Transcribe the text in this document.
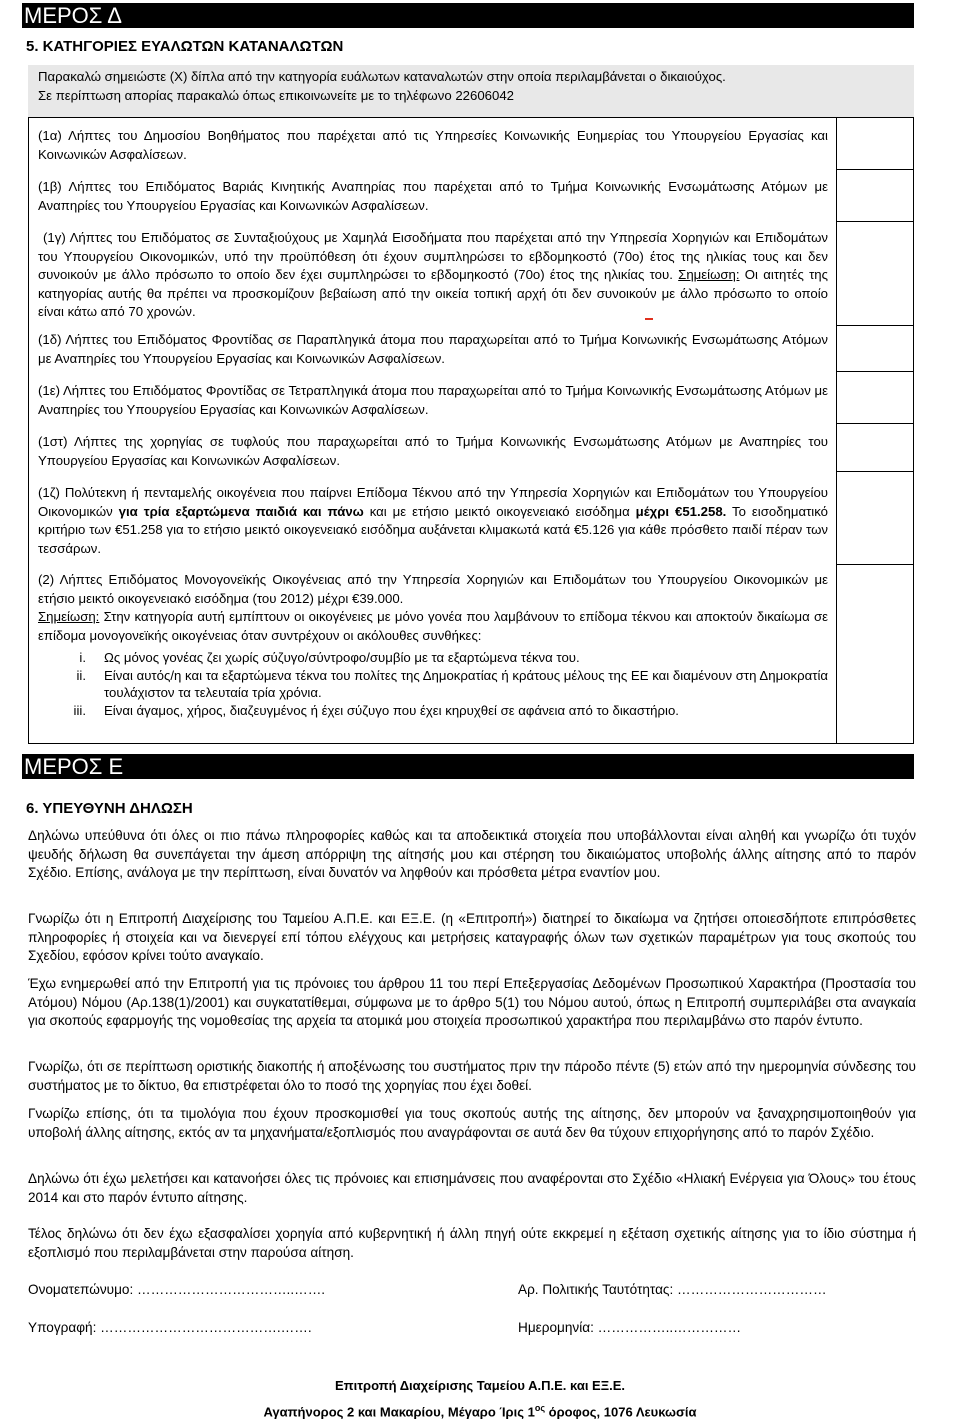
ΜΕΡΟΣ Δ
5. ΚΑΤΗΓΟΡΙΕΣ ΕΥΑΛΩΤΩΝ ΚΑΤΑΝΑΛΩΤΩΝ
Παρακαλώ σημειώστε (Χ) δίπλα από την κατηγορία ευάλωτων καταναλωτών στην οποία περιλαμβάνεται ο δικαιούχος.
Σε περίπτωση απορίας παρακαλώ όπως επικοινωνείτε με το τηλέφωνο 22606042
(1α) Λήπτες του Δημοσίου Βοηθήματος που παρέχεται από τις Υπηρεσίες Κοινωνικής Ευημερίας του Υπουργείου Εργασίας και Κοινωνικών Ασφαλίσεων.
(1β) Λήπτες του Επιδόματος Βαριάς Κινητικής Αναπηρίας που παρέχεται από το Τμήμα Κοινωνικής Ενσωμάτωσης Ατόμων με Αναπηρίες του Υπουργείου Εργασίας και Κοινωνικών Ασφαλίσεων.
(1γ) Λήπτες του Επιδόματος σε Συνταξιούχους με Χαμηλά Εισοδήματα που παρέχεται από την Υπηρεσία Χορηγιών και Επιδομάτων του Υπουργείου Οικονομικών, υπό την προϋπόθεση ότι έχουν συμπληρώσει το εβδομηκοστό (70ο) έτος της ηλικίας τους και δεν συνοικούν με άλλο πρόσωπο το οποίο δεν έχει συμπληρώσει το εβδομηκοστό (70ο) έτος της ηλικίας του. Σημείωση: Οι αιτητές της κατηγορίας αυτής θα πρέπει να προσκομίζουν βεβαίωση από την οικεία τοπική αρχή ότι δεν συνοικούν με άλλο πρόσωπο το οποίο είναι κάτω από 70 χρονών.
(1δ) Λήπτες του Επιδόματος Φροντίδας σε Παραπληγικά άτομα που παραχωρείται από το Τμήμα Κοινωνικής Ενσωμάτωσης Ατόμων με Αναπηρίες του Υπουργείου Εργασίας και Κοινωνικών Ασφαλίσεων.
(1ε) Λήπτες του Επιδόματος Φροντίδας σε Τετραπληγικά άτομα που παραχωρείται από το Τμήμα Κοινωνικής Ενσωμάτωσης Ατόμων με Αναπηρίες του Υπουργείου Εργασίας και Κοινωνικών Ασφαλίσεων.
(1στ) Λήπτες της χορηγίας σε τυφλούς που παραχωρείται από το Τμήμα Κοινωνικής Ενσωμάτωσης Ατόμων με Αναπηρίες του Υπουργείου Εργασίας και Κοινωνικών Ασφαλίσεων.
(1ζ) Πολύτεκνη ή πενταμελής οικογένεια που παίρνει Επίδομα Τέκνου από την Υπηρεσία Χορηγιών και Επιδομάτων του Υπουργείου Οικονομικών για τρία εξαρτώμενα παιδιά και πάνω και με ετήσιο μεικτό οικογενειακό εισόδημα μέχρι €51.258. Το εισοδηματικό κριτήριο των €51.258 για το ετήσιο μεικτό οικογενειακό εισόδημα αυξάνεται κλιμακωτά κατά €5.126 για κάθε πρόσθετο παιδί πέραν των τεσσάρων.
(2) Λήπτες Επιδόματος Μονογονεϊκής Οικογένειας από την Υπηρεσία Χορηγιών και Επιδομάτων του Υπουργείου Οικονομικών με ετήσιο μεικτό οικογενειακό εισόδημα (του 2012) μέχρι €39.000.
Σημείωση: Στην κατηγορία αυτή εμπίπτουν οι οικογένειες με μόνο γονέα που λαμβάνουν το επίδομα τέκνου και αποκτούν δικαίωμα σε επίδομα μονογονεϊκής οικογένειας όταν συντρέχουν οι ακόλουθες συνθήκες:
i. Ως μόνος γονέας ζει χωρίς σύζυγο/σύντροφο/συμβίο με τα εξαρτώμενα τέκνα του.
ii. Είναι αυτός/η και τα εξαρτώμενα τέκνα του πολίτες της Δημοκρατίας ή κράτους μέλους της ΕΕ και διαμένουν στη Δημοκρατία τουλάχιστον τα τελευταία τρία χρόνια.
iii. Είναι άγαμος, χήρος, διαζευγμένος ή έχει σύζυγο που έχει κηρυχθεί σε αφάνεια από το δικαστήριο.
ΜΕΡΟΣ Ε
6. ΥΠΕΥΘΥΝΗ ΔΗΛΩΣΗ
Δηλώνω υπεύθυνα ότι όλες οι πιο πάνω πληροφορίες καθώς και τα αποδεικτικά στοιχεία που υποβάλλονται είναι αληθή και γνωρίζω ότι τυχόν ψευδής δήλωση θα συνεπάγεται την άμεση απόρριψη της αίτησής μου και στέρηση του δικαιώματος υποβολής άλλης αίτησης από το παρόν Σχέδιο. Επίσης, ανάλογα με την περίπτωση, είναι δυνατόν να ληφθούν και πρόσθετα μέτρα εναντίον μου.
Γνωρίζω ότι η Επιτροπή Διαχείρισης του Ταμείου Α.Π.Ε. και ΕΞ.Ε. (η «Επιτροπή») διατηρεί το δικαίωμα να ζητήσει οποιεσδήποτε επιπρόσθετες πληροφορίες ή στοιχεία και να διενεργεί επί τόπου ελέγχους και μετρήσεις καταγραφής όλων των σχετικών παραμέτρων για τους σκοπούς του Σχεδίου, εφόσον κρίνει τούτο αναγκαίο.
Έχω ενημερωθεί από την Επιτροπή για τις πρόνοιες του άρθρου 11 του περί Επεξεργασίας Δεδομένων Προσωπικού Χαρακτήρα (Προστασία του Ατόμου) Νόμου (Αρ.138(1)/2001) και συγκατατίθεμαι, σύμφωνα με το άρθρο 5(1) του Νόμου αυτού, όπως η Επιτροπή συμπεριλάβει στα αναγκαία για σκοπούς εφαρμογής της νομοθεσίας της αρχεία τα ατομικά μου στοιχεία προσωπικού χαρακτήρα που περιλαμβάνω στο παρόν έντυπο.
Γνωρίζω, ότι σε περίπτωση οριστικής διακοπής ή αποξένωσης του συστήματος πριν την πάροδο πέντε (5) ετών από την ημερομηνία σύνδεσης του συστήματος με το δίκτυο, θα επιστρέφεται όλο το ποσό της χορηγίας που έχει δοθεί.
Γνωρίζω επίσης, ότι τα τιμολόγια που έχουν προσκομισθεί για τους σκοπούς αυτής της αίτησης, δεν μπορούν να ξαναχρησιμοποιηθούν για υποβολή άλλης αίτησης, εκτός αν τα μηχανήματα/εξοπλισμός που αναγράφονται σε αυτά δεν θα τύχουν επιχορήγησης από το παρόν Σχέδιο.
Δηλώνω ότι έχω μελετήσει και κατανοήσει όλες τις πρόνοιες και επισημάνσεις που αναφέρονται στο Σχέδιο «Ηλιακή Ενέργεια για Όλους» του έτους 2014 και στο παρόν έντυπο αίτησης.
Τέλος δηλώνω ότι δεν έχω εξασφαλίσει χορηγία από κυβερνητική ή άλλη πηγή ούτε εκκρεμεί η εξέταση σχετικής αίτησης για το ίδιο σύστημα ή εξοπλισμό που περιλαμβάνεται στην παρούσα αίτηση.
Ονοματεπώνυμο: ……………………………..…….	Αρ. Πολιτικής Ταυτότητας: ……………………………
Υπογραφή: ………………………………….…….	Ημερομηνία: ……………..……………
Επιτροπή Διαχείρισης Ταμείου Α.Π.Ε. και ΕΞ.Ε.
Αγαπήνορος 2 και Μακαρίου, Μέγαρο Ίρις $1^{o\varsigma}$ όροφος, 1076 Λευκωσία
